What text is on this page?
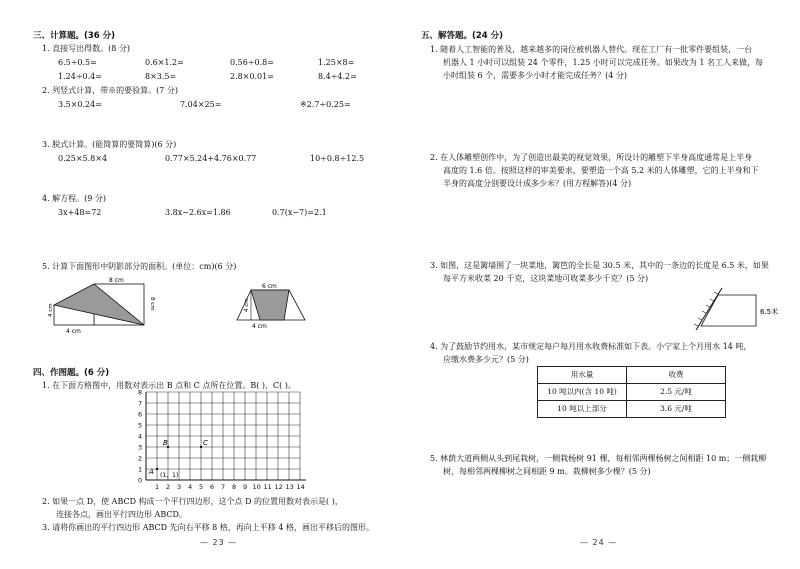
三、计算题。(36 分)
1. 直接写出得数。(8 分)
6.5÷0.5=	0.6×1.2=	0.56÷0.8=	1.25×8=
1.24÷0.4=	8×3.5=	2.8×0.01=	8.4÷4.2=
2. 列竖式计算，带※的要验算。(7 分)
3.5×0.24=	7.04×25=	※2.7÷0.25=
3. 脱式计算。(能简算的要简算)(6 分)
0.25×5.8×4	0.77×5.24+4.76×0.77	10÷0.8÷12.5
4. 解方程。(9 分)
3x+48=72	3.8x−2.6x=1.86	0.7(x−7)=2.1
5. 计算下面图形中阴影部分的面积。(单位：cm)(6 分)
8 cm
4 cm
4 cm
8 cm
6 cm
4 cm
4 cm
四、作图题。(6 分)
1. 在下面方格图中，用数对表示出 B 点和 C 点所在位置。B( )，C( )。
0
1
2
3
4
5
6
7
8
1 2 3 4 5 6 7 8 9 10 11 12 13 14
A (1，1)
B	C
2. 如果一点 D，使 ABCD 构成一个平行四边形，这个点 D 的位置用数对表示是( )，
连接各点，画出平行四边形 ABCD。
3. 请将你画出的平行四边形 ABCD 先向右平移 8 格，再向上平移 4 格，画出平移后的图形。
— 23 —
五、解答题。(24 分)
1. 随着人工智能的普及，越来越多的岗位被机器人替代。现在工厂有一批零件要组装，一台
机器人 1 小时可以组装 24 个零件，1.25 小时可以完成任务。如果改为 1 名工人来做，每
小时组装 6 个，需要多少小时才能完成任务？(4 分)
2. 在人体雕塑创作中，为了创造出最美的视觉效果，所设计的雕塑下半身高度通常是上半身
高度的 1.6 倍。按照这样的审美要求，要塑造一个高 5.2 米的人体雕塑，它的上半身和下
半身的高度分别要设计成多少米？(用方程解答)(4 分)
3. 如图，这是篱墙围了一块菜地，篱笆的全长是 30.5 米，其中的一条边的长度是 6.5 米，如果
每平方米收菜 20 千克，这块菜地可收菜多少千克？(5 分)
6.5米
4. 为了鼓励节约用水，某市规定每户每月用水收费标准如下表。小宁家上个月用水 14 吨，
应缴水费多少元？(5 分)
用水量	收费
10 吨以内(含 10 吨)	2.5 元/吨
10 吨以上部分	3.6 元/吨
5. 林荫大道两侧从头到尾栽树，一侧栽杨树 91 棵，每相邻两棵杨树之间相距 10 m；一侧栽柳
树，每相邻两棵柳树之间相距 9 m。栽柳树多少棵？(5 分)
— 24 —
